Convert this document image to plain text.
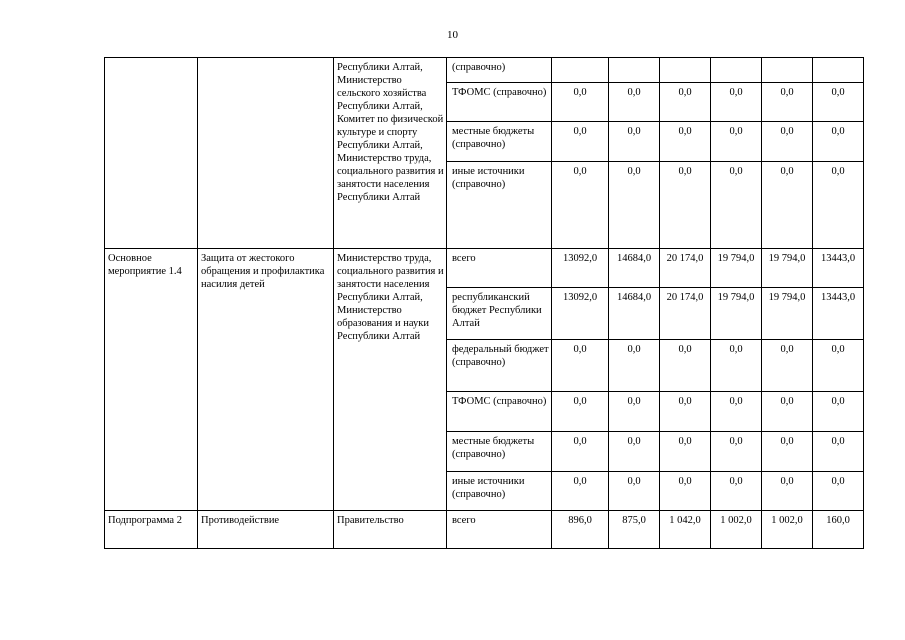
10
		Республики Алтай, Министерство сельского хозяйства Республики Алтай, Комитет по физической культуре и спорту Республики Алтай, Министерство труда, социального развития и занятости населения Республики Алтай	(справочно)						
			ТФОМС (справочно)	0,0	0,0	0,0	0,0	0,0	0,0
			местные бюджеты (справочно)	0,0	0,0	0,0	0,0	0,0	0,0
			иные источники (справочно)	0,0	0,0	0,0	0,0	0,0	0,0
Основное мероприятие 1.4	Защита от жестокого обращения и профилактика насилия детей	Министерство труда, социального развития и занятости населения Республики Алтай, Министерство образования и науки Республики Алтай	всего	13092,0	14684,0	20 174,0	19 794,0	19 794,0	13443,0
			республиканский бюджет Республики Алтай	13092,0	14684,0	20 174,0	19 794,0	19 794,0	13443,0
			федеральный бюджет (справочно)	0,0	0,0	0,0	0,0	0,0	0,0
			ТФОМС (справочно)	0,0	0,0	0,0	0,0	0,0	0,0
			местные бюджеты (справочно)	0,0	0,0	0,0	0,0	0,0	0,0
			иные источники (справочно)	0,0	0,0	0,0	0,0	0,0	0,0
Подпрограмма 2	Противодействие	Правительство	всего	896,0	875,0	1 042,0	1 002,0	1 002,0	160,0
